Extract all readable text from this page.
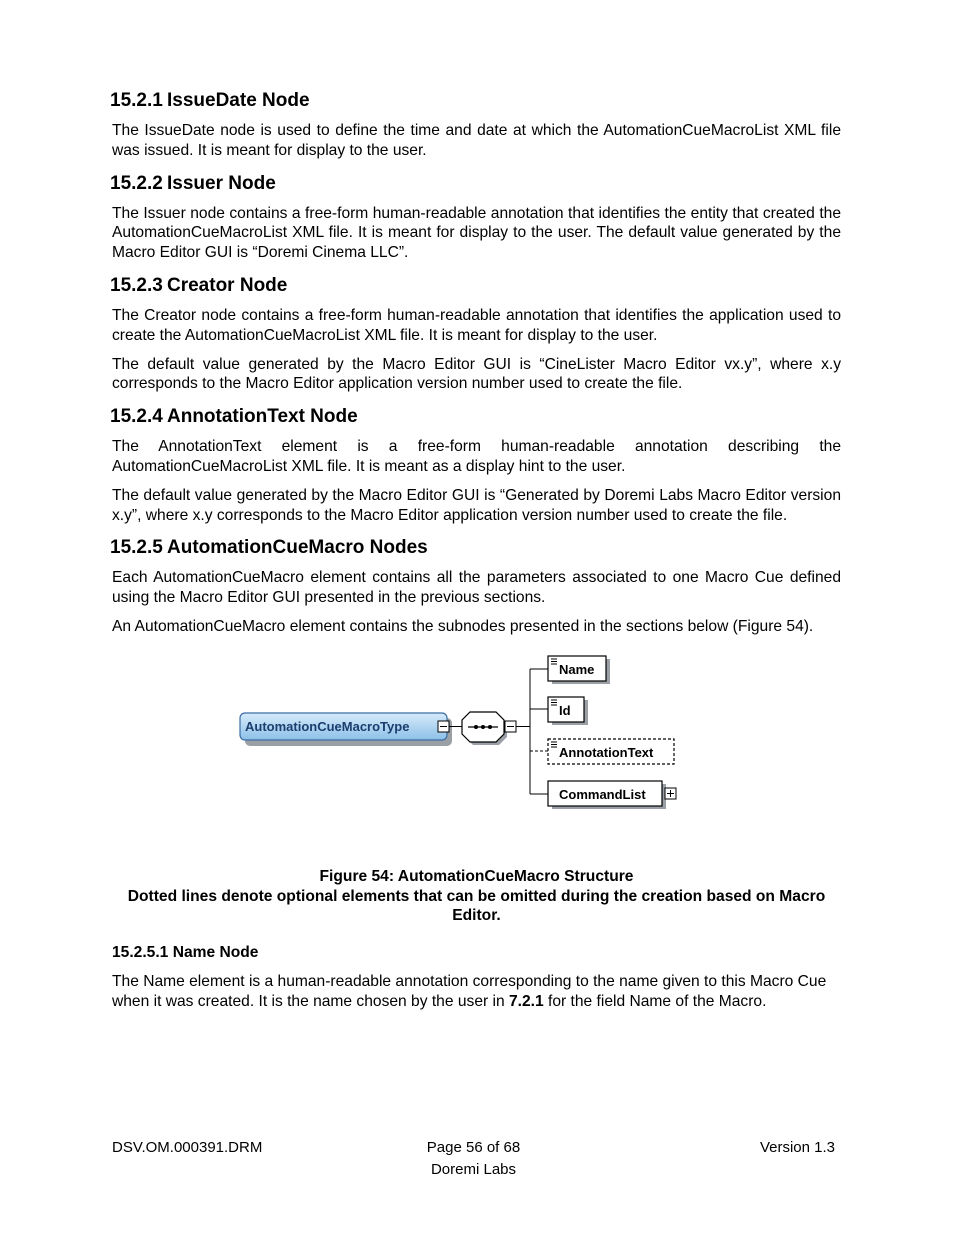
15.2.1 IssueDate Node

The IssueDate node is used to define the time and date at which the AutomationCueMacroList XML file was issued. It is meant for display to the user.

15.2.2 Issuer Node

The Issuer node contains a free-form human-readable annotation that identifies the entity that created the AutomationCueMacroList XML file. It is meant for display to the user. The default value generated by the Macro Editor GUI is “Doremi Cinema LLC”.

15.2.3 Creator Node

The Creator node contains a free-form human-readable annotation that identifies the application used to create the AutomationCueMacroList XML file. It is meant for display to the user.

The default value generated by the Macro Editor GUI is “CineLister Macro Editor vx.y”, where x.y corresponds to the Macro Editor application version number used to create the file.

15.2.4 AnnotationText Node

The AnnotationText element is a free-form human-readable annotation describing the AutomationCueMacroList XML file. It is meant as a display hint to the user.

The default value generated by the Macro Editor GUI is “Generated by Doremi Labs Macro Editor version x.y”, where x.y corresponds to the Macro Editor application version number used to create the file.

15.2.5 AutomationCueMacro Nodes

Each AutomationCueMacro element contains all the parameters associated to one Macro Cue defined using the Macro Editor GUI presented in the previous sections.

An AutomationCueMacro element contains the subnodes presented in the sections below (Figure 54).

AutomationCueMacroType
Name
Id
AnnotationText
CommandList
Figure 54: AutomationCueMacro Structure
Dotted lines denote optional elements that can be omitted during the creation based on Macro Editor.
15.2.5.1 Name Node

The Name element is a human-readable annotation corresponding to the name given to this Macro Cue when it was created. It is the name chosen by the user in 7.2.1 for the field Name of the Macro.

DSV.OM.000391.DRM	Page 56 of 68
Doremi Labs
Version 1.3
